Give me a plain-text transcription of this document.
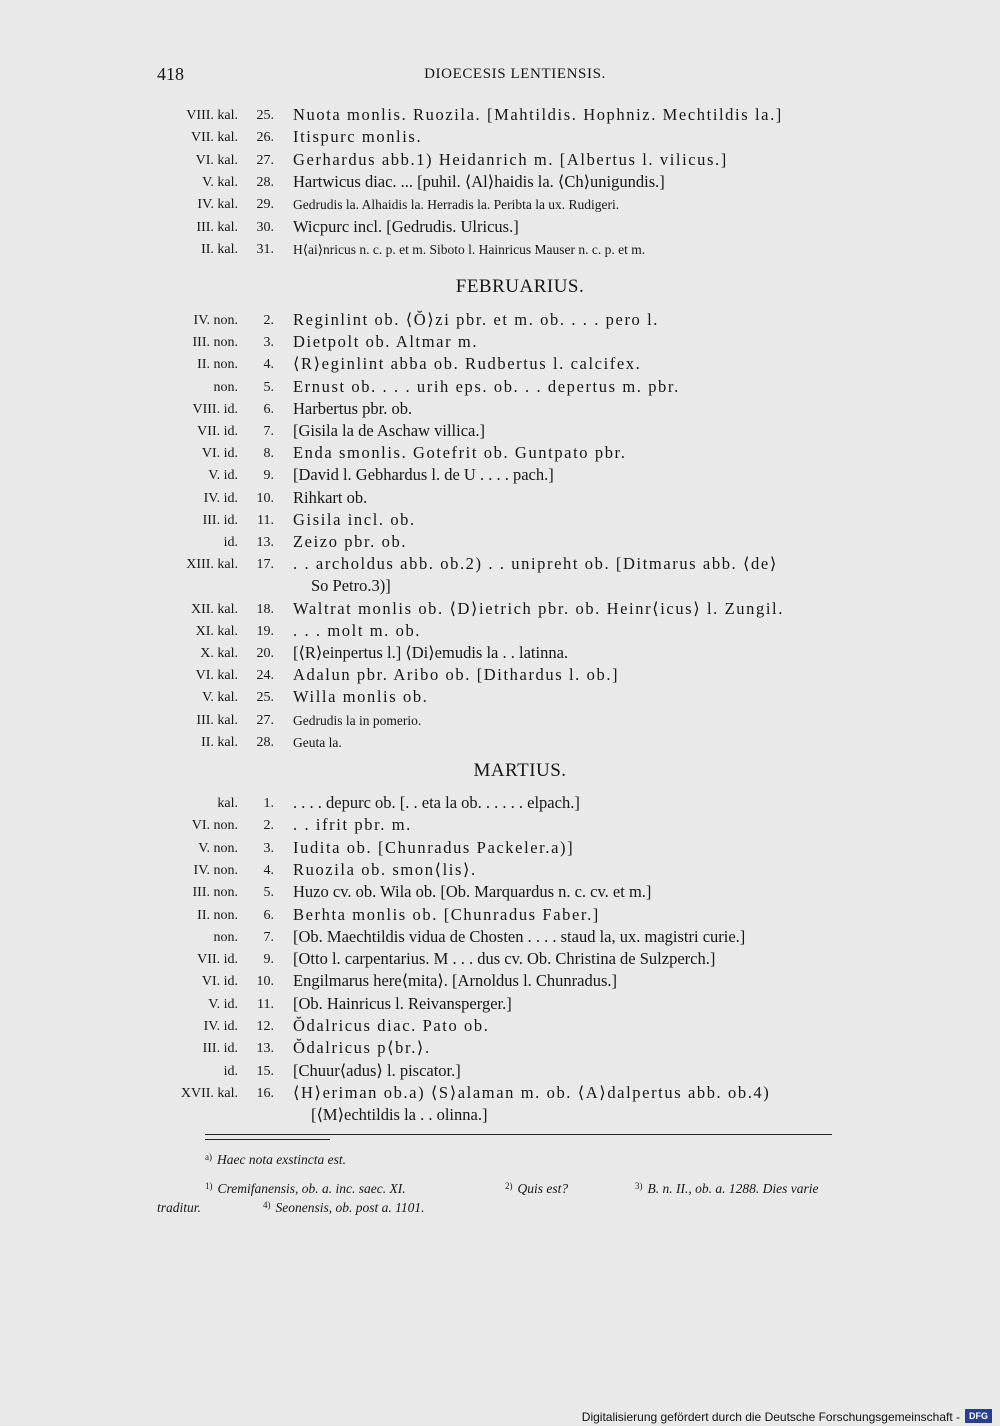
418	DIOECESIS LENTIENSIS.
VIII. kal.	25. Nuota monlis. Ruozila. [Mahtildis. Hophniz. Mechtildis la.]
VII. kal.	26. Itispurc monlis.
VI. kal.	27. Gerhardus abb.1) Heidanrich m. [Albertus l. vilicus.]
V. kal.	28. Hartwicus diac. ... [puhil. ⟨Al⟩haidis la. ⟨Ch⟩unigundis.]
IV. kal.	29. Gedrudis la. Alhaidis la. Herradis la. Peribta la ux. Rudigeri.
III. kal.	30. Wicpurc incl. [Gedrudis. Ulricus.]
II. kal.	31. H⟨ai⟩nricus n. c. p. et m. Siboto l. Hainricus Mauser n. c. p. et m.
FEBRUARIUS.
IV. non.	2. Reginlint ob. ⟨Ŏ⟩zi pbr. et m. ob. . . . pero l.
III. non.	3. Dietpolt ob. Altmar m.
II. non.	4. ⟨R⟩eginlint abba ob. Rudbertus l. calcifex.
non.	5. Ernust ob. . . . urih eps. ob. . . depertus m. pbr.
VIII. id.	6. Harbertus pbr. ob.
VII. id.	7. [Gisila la de Aschaw villica.]
VI. id.	8. Enda smonlis. Gotefrit ob. Guntpato pbr.
V. id.	9. [David l. Gebhardus l. de U . . . . pach.]
IV. id.	10. Rihkart ob.
III. id.	11. Gisila incl. ob.
id.	13. Zeizo pbr. ob.
XIII. kal.	17. . . archoldus abb. ob.2) . . unipreht ob. [Ditmarus abb. ⟨de⟩
So Petro.3)]
XII. kal.	18. Waltrat monlis ob. ⟨D⟩ietrich pbr. ob. Heinr⟨icus⟩ l. Zungil.
XI. kal.	19. . . . molt m. ob.
X. kal.	20. [⟨R⟩einpertus l.] ⟨Di⟩emudis la . . latinna.
VI. kal.	24. Adalun pbr. Aribo ob. [Dithardus l. ob.]
V. kal.	25. Willa monlis ob.
III. kal.	27. Gedrudis la in pomerio.
II. kal.	28. Geuta la.
MARTIUS.
kal.	1. . . . . depurc ob. [. . eta la ob. . . . . . elpach.]
VI. non.	2. . . ifrit pbr. m.
V. non.	3. Iudita ob. [Chunradus Packeler.a)]
IV. non.	4. Ruozila ob. smon⟨lis⟩.
III. non.	5. Huzo cv. ob. Wila ob. [Ob. Marquardus n. c. cv. et m.]
II. non.	6. Berhta monlis ob. [Chunradus Faber.]
non.	7. [Ob. Maechtildis vidua de Chosten . . . . staud la, ux. magistri curie.]
VII. id.	9. [Otto l. carpentarius. M . . . dus cv. Ob. Christina de Sulzperch.]
VI. id.	10. Engilmarus here⟨mita⟩. [Arnoldus l. Chunradus.]
V. id.	11. [Ob. Hainricus l. Reivansperger.]
IV. id.	12. Ŏdalricus diac. Pato ob.
III. id.	13. Ŏdalricus p⟨br.⟩.
id.	15. [Chuur⟨adus⟩ l. piscator.]
XVII. kal.	16. ⟨H⟩eriman ob.a) ⟨S⟩alaman m. ob. ⟨A⟩dalpertus abb. ob.4)
[⟨M⟩echtildis la . . olinna.]
$^{a)}$ Haec nota exstincta est.
$^{1)}$ Cremifanensis, ob. a. inc. saec. XI.	$^{2)}$ Quis est?	$^{3)}$ B. n. II., ob. a. 1288. Dies varie
traditur.	$^{4)}$ Seonensis, ob. post a. 1101.
Digitalisierung gefördert durch die Deutsche Forschungsgemeinschaft -	DFG
